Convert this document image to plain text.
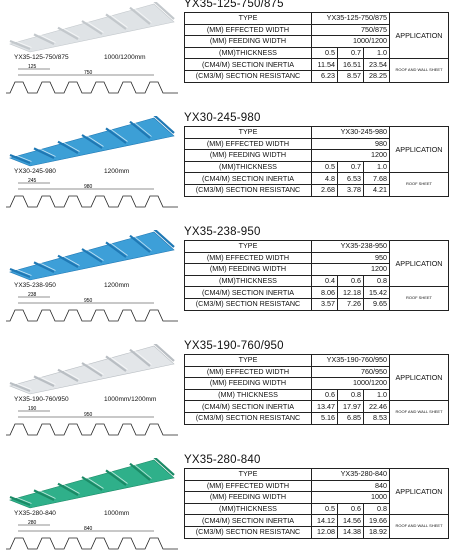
YX35-125-750/875	1000/1200mm
125
750
YX35-125-750/875
TYPE	YX35-125-750/875			APPLICATION
(MM) EFFECTED WIDTH	750/875			
(MM) FEEDING WIDTH	1000/1200			
(MM)THICKNESS	0.5	0.7	1.0	
(CM4/M) SECTION INERTIA	11.54	16.51	23.54	ROOF AND WALL SHEET
(CM3/M) SECTION RESISTANC	6.23	8.57	28.25	
YX30-245-980	1200mm
245
980
YX30-245-980
TYPE	YX30-245-980			APPLICATION
(MM) EFFECTED WIDTH	980			
(MM) FEEDING WIDTH	1200			
(MM)THICKNESS	0.5	0.7	1.0	
(CM4/M) SECTION INERTIA	4.8	6.53	7.68	ROOF SHEET
(CM3/M) SECTION RESISTANC	2.68	3.78	4.21	
YX35-238-950	1200mm
238
950
YX35-238-950
TYPE	YX35-238-950			APPLICATION
(MM) EFFECTED WIDTH	950			
(MM) FEEDING WIDTH	1200			
(MM)THICKNESS	0.4	0.6	0.8	
(CM4/M) SECTION INERTIA	8.06	12.18	15.42	ROOF SHEET
(CM3/M) SECTION RESISTANC	3.57	7.26	9.65	
YX35-190-760/950	1000mm/1200mm
190
950
YX35-190-760/950
TYPE	YX35-190-760/950			APPLICATION
(MM) EFFECTED WIDTH	760/950			
(MM) FEEDING WIDTH	1000/1200			
(MM) THICKNESS	0.6	0.8	1.0	
(CM4/M) SECTION INERTIA	13.47	17.97	22.46	ROOF AND WALL SHEET
(CM3/M) SECTION RESISTANC	5.16	6.85	8.53	
YX35-280-840	1000mm
280
840
YX35-280-840
TYPE	YX35-280-840			APPLICATION
(MM) EFFECTED WIDTH	840			
(MM) FEEDING WIDTH	1000			
(MM)THICKNESS	0.5	0.6	0.8	
(CM4/M) SECTION INERTIA	14.12	14.56	19.66	ROOF AND WALL SHEET
(CM3/M) SECTION RESISTANC	12.08	14.38	18.92	
